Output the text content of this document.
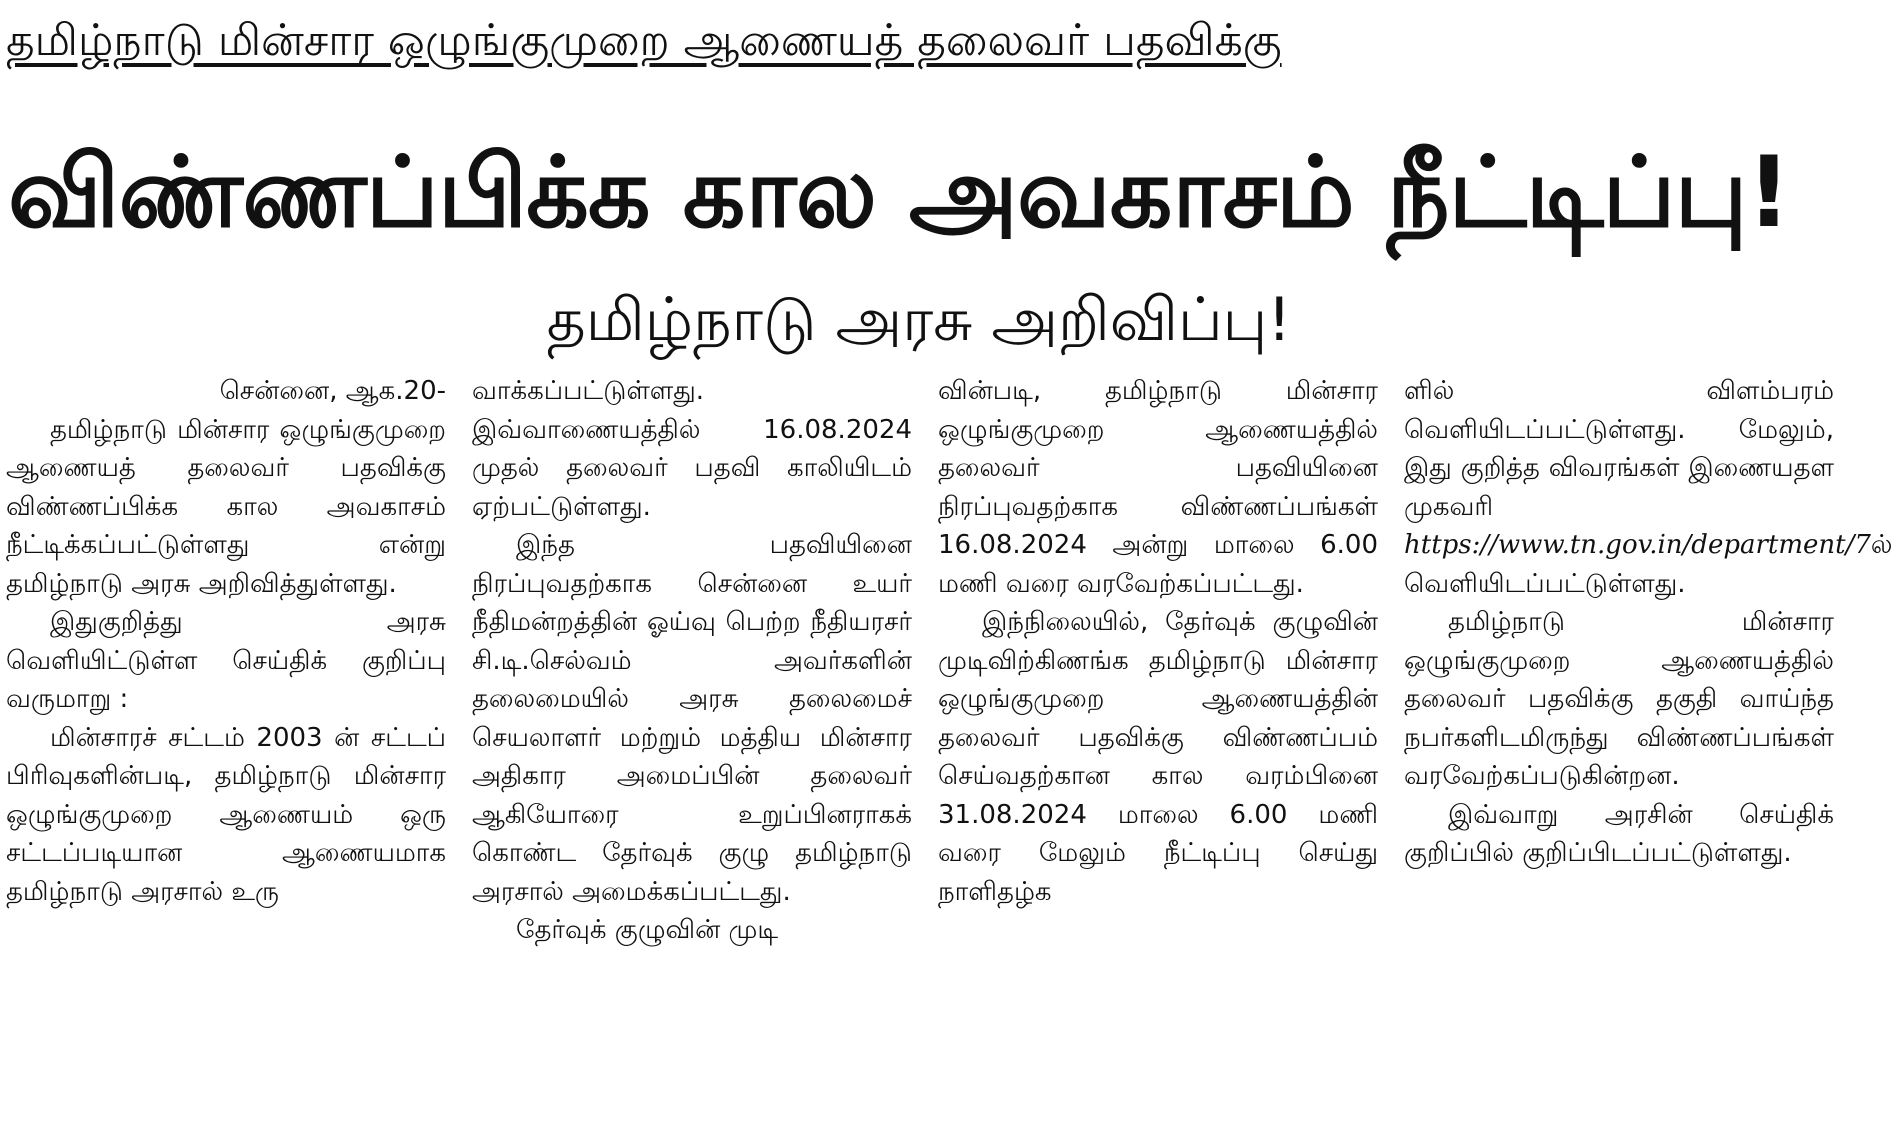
தமிழ்நாடு மின்சார ஒழுங்குமுறை ஆணையத் தலைவர் பதவிக்கு
விண்ணப்பிக்க கால அவகாசம் நீட்டிப்பு!
தமிழ்நாடு அரசு அறிவிப்பு!

சென்னை, ஆக.20-

தமிழ்நாடு மின்சார ஒழுங்குமுறை ஆணையத் தலைவர் பதவிக்கு விண்ணப்பிக்க கால அவகாசம் நீட்டிக்கப்பட்டுள்ளது என்று தமிழ்நாடு அரசு அறிவித்துள்ளது.

இதுகுறித்து அரசு வெளியிட்டுள்ள செய்திக் குறிப்பு வருமாறு :

மின்சாரச் சட்டம் 2003 ன் சட்டப் பிரிவுகளின்படி, தமிழ்நாடு மின்சார ஒழுங்குமுறை ஆணையம் ஒரு சட்டப்படியான ஆணையமாக தமிழ்நாடு அரசால் உரு

வாக்கப்பட்டுள்ளது. இவ்வாணையத்தில் 16.08.2024 முதல் தலைவர் பதவி காலியிடம் ஏற்பட்டுள்ளது.

இந்த பதவியினை நிரப்புவதற்காக சென்னை உயர் நீதிமன்றத்தின் ஓய்வு பெற்ற நீதியரசர் சி.டி.செல்வம் அவர்களின் தலைமையில் அரசு தலைமைச் செயலாளர் மற்றும் மத்திய மின்சார அதிகார அமைப்பின் தலைவர் ஆகியோரை உறுப்பினராகக் கொண்ட தேர்வுக் குழு தமிழ்நாடு அரசால் அமைக்கப்பட்டது.

தேர்வுக் குழுவின் முடி

வின்படி, தமிழ்நாடு மின்சார ஒழுங்குமுறை ஆணையத்தில் தலைவர் பதவியினை நிரப்புவதற்காக விண்ணப்பங்கள் 16.08.2024 அன்று மாலை 6.00 மணி வரை வரவேற்கப்பட்டது.

இந்நிலையில், தேர்வுக் குழுவின் முடிவிற்கிணங்க தமிழ்நாடு மின்சார ஒழுங்குமுறை ஆணையத்தின் தலைவர் பதவிக்கு விண்ணப்பம் செய்வதற்கான கால வரம்பினை 31.08.2024 மாலை 6.00 மணி வரை மேலும் நீட்டிப்பு செய்து நாளிதழ்க

ளில் விளம்பரம் வெளியிடப்பட்டுள்ளது. மேலும், இது குறித்த விவரங்கள் இணையதள முகவரி https://www.tn.gov.in/department/7ல் வெளியிடப்பட்டுள்ளது.

தமிழ்நாடு மின்சார ஒழுங்குமுறை ஆணையத்தில் தலைவர் பதவிக்கு தகுதி வாய்ந்த நபர்களிடமிருந்து விண்ணப்பங்கள் வரவேற்கப்படுகின்றன.

இவ்வாறு அரசின் செய்திக் குறிப்பில் குறிப்பிடப்பட்டுள்ளது.
